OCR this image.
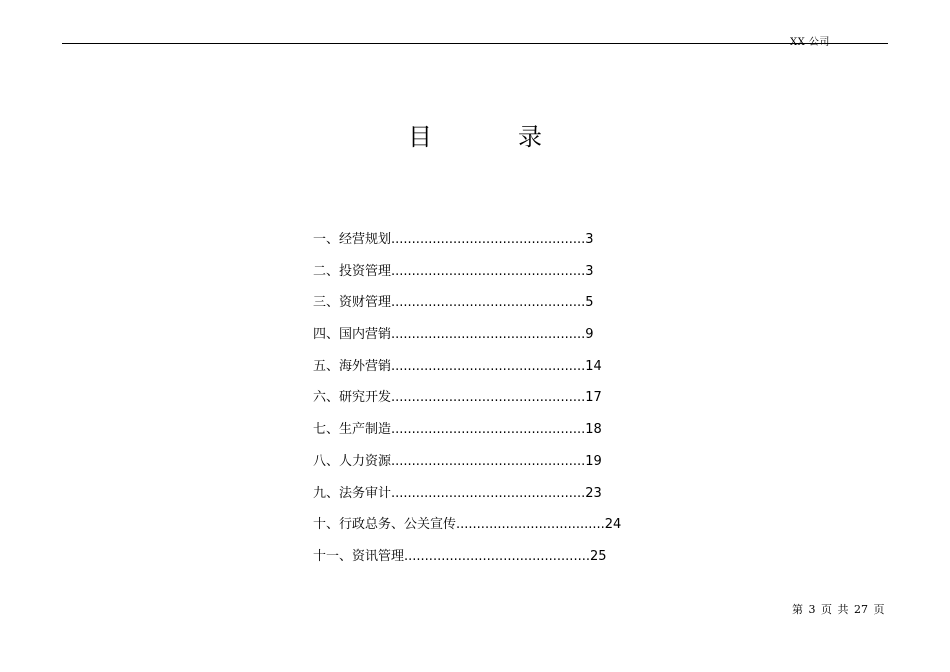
XX 公司
目	录
一、经营规划 ............................................... 3
二、投资管理 ............................................... 3
三、资财管理 ............................................... 5
四、国内营销 ............................................... 9
五、海外营销 ............................................... 14
六、研究开发 ............................................... 17
七、生产制造 ............................................... 18
八、人力资源 ............................................... 19
九、法务审计 ............................................... 23
十、行政总务、公关宣传 .................................... 24
十一、资讯管理 ............................................. 25
第 3 页 共 27 页
